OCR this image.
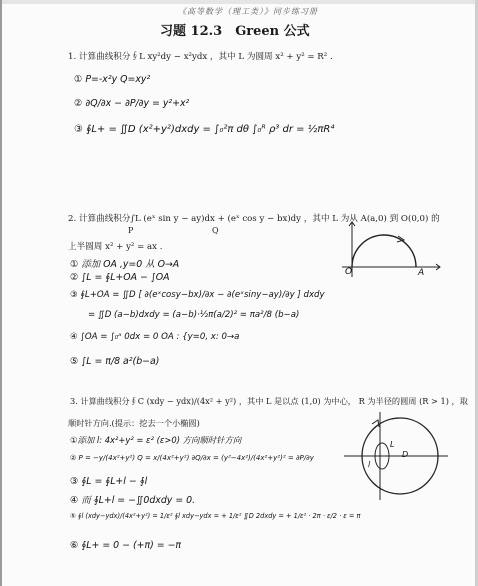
《高等数学（理工类）》同步练习册
习题 12.3　Green 公式
1. 计算曲线积分∮L xy²dy − x²ydx ，其中 L 为圆周 x² + y² = R² .
① P=-x²y Q=xy²
② ∂Q/∂x − ∂P/∂y = y²+x²
③ ∮L+ = ∬D (x²+y²)dxdy = ∫₀²π dθ ∫₀ᴿ ρ³ dr = ½πR⁴
2. 计算曲线积分∫L (eˣ sin y − ay)dx + (eˣ cos y − bx)dy ，其中 L 为从 A(a,0) 到 O(0,0) 的
P	Q
上半圆周 x² + y² = ax .
① 添加 OA ,y=0 从 O→A
② ∫L = ∮L+OA − ∫OA
③ ∮L+OA = ∬D [ ∂(eˣcosy−bx)/∂x − ∂(eˣsiny−ay)/∂y ] dxdy
= ∬D (a−b)dxdy = (a−b)·½π(a/2)² = πa²/8 (b−a)
④ ∫OA = ∫₀ᵃ 0dx = 0 OA : {y=0, x: 0→a
⑤ ∫L = π/8 a²(b−a)
3. 计算曲线积分∮C (xdy − ydx)/(4x² + y²) ，其中 L 是以点 (1,0) 为中心， R 为半径的圆周 (R > 1) ，取
顺时针方向.(提示：挖去一个小椭圆)
①添加 l: 4x²+y² = ε² (ε>0) 方向顺时针方向
② P = −y/(4x²+y²) Q = x/(4x²+y²) ∂Q/∂x = (y²−4x²)/(4x²+y²)² = ∂P/∂y
③ ∮L = ∮L+l − ∮l
④ 而 ∮L+l = −∬0dxdy = 0.
⑤ ∮l (xdy−ydx)/(4x²+y²) = 1/ε² ∮l xdy−ydx = + 1/ε² ∬D 2dxdy = + 1/ε² · 2π · ε/2 · ε = π
⑥ ∮L+ = 0 − (+π) = −π
O	A
L
D
l
